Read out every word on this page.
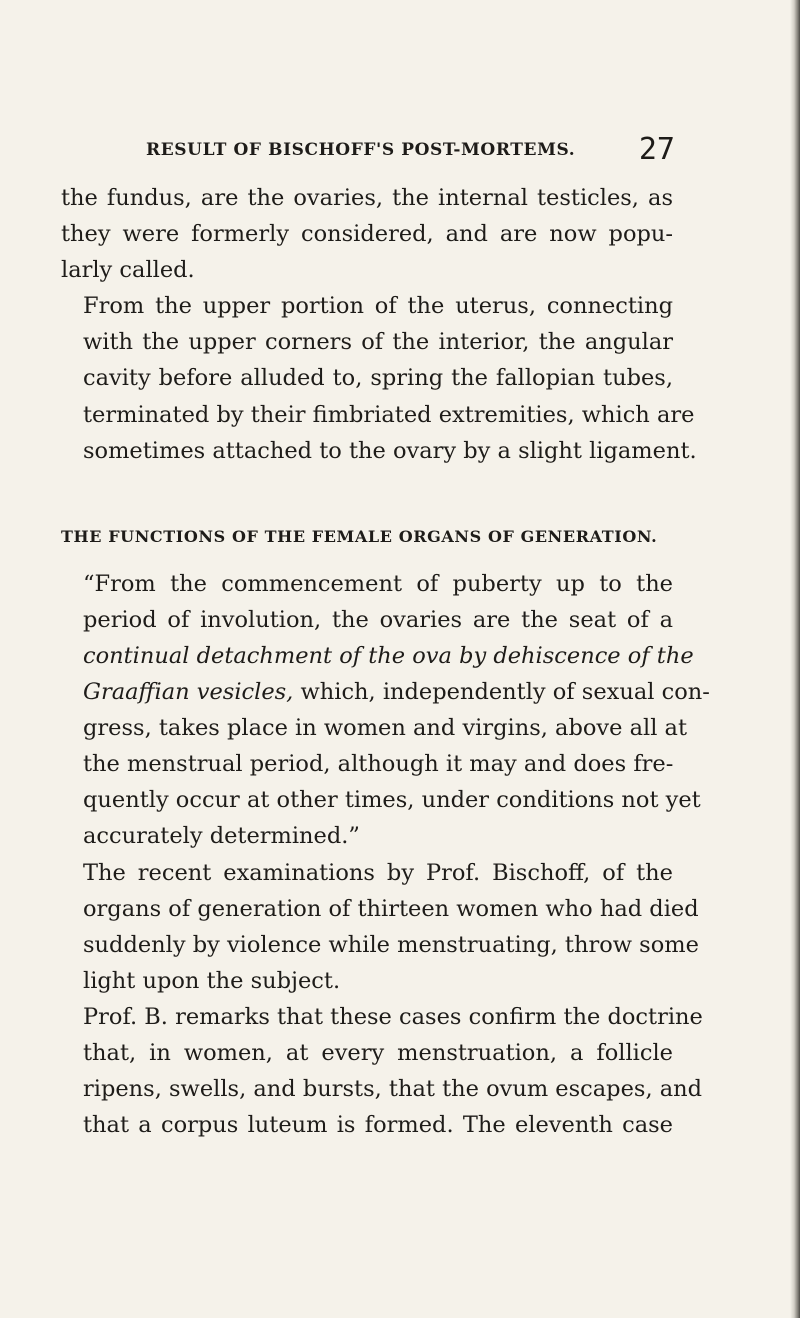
RESULT OF BISCHOFF'S POST-MORTEMS. 27

the fundus, are the ovaries, the internal testicles, as
they were formerly considered, and are now popu-
larly called.

From the upper portion of the uterus, connecting
with the upper corners of the interior, the angular
cavity before alluded to, spring the fallopian tubes,
terminated by their fimbriated extremities, which are
sometimes attached to the ovary by a slight ligament.

THE FUNCTIONS OF THE FEMALE ORGANS OF GENERATION.

“From the commencement of puberty up to the
period of involution, the ovaries are the seat of a
continual detachment of the ova by dehiscence of the
Graaffian vesicles, which, independently of sexual con-
gress, takes place in women and virgins, above all at
the menstrual period, although it may and does fre-
quently occur at other times, under conditions not yet
accurately determined.”

The recent examinations by Prof. Bischoff, of the
organs of generation of thirteen women who had died
suddenly by violence while menstruating, throw some
light upon the subject.

Prof. B. remarks that these cases confirm the doctrine
that, in women, at every menstruation, a follicle
ripens, swells, and bursts, that the ovum escapes, and
that a corpus luteum is formed. The eleventh case
